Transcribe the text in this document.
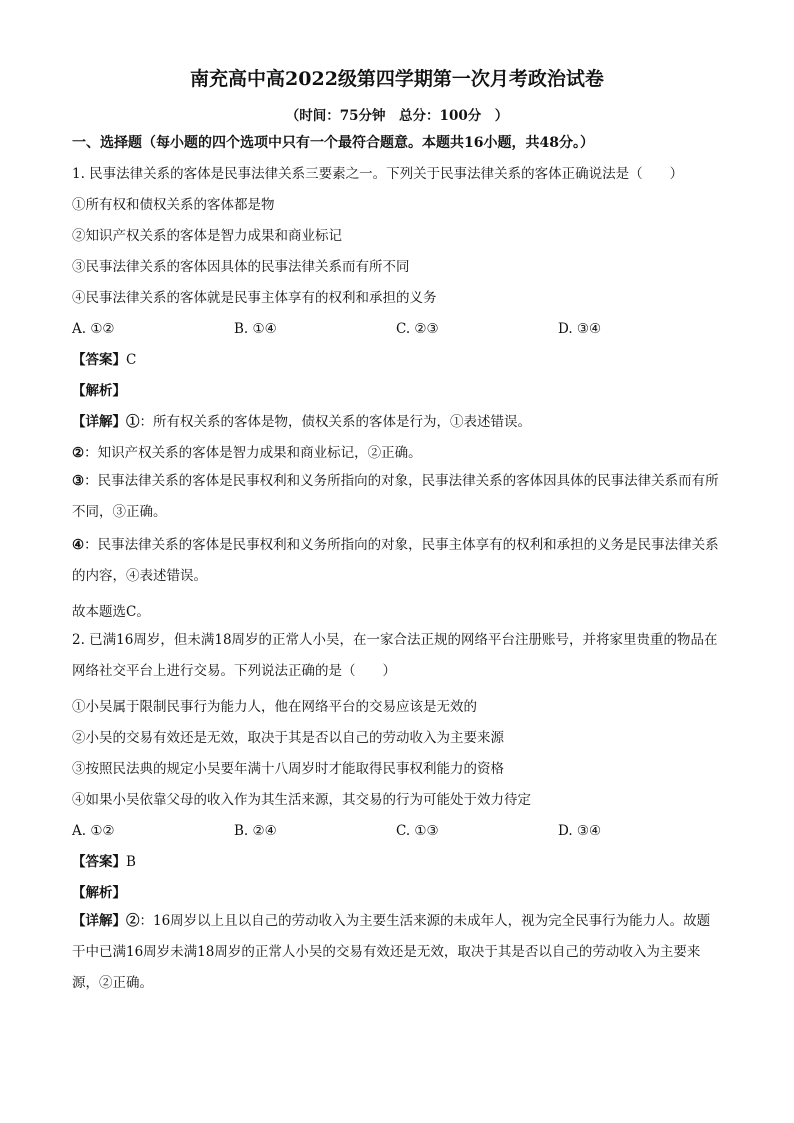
南充高中高2022级第四学期第一次月考政治试卷
（时间：75分钟　总分：100分　）
一、选择题（每小题的四个选项中只有一个最符合题意。本题共16小题，共48分。）
1. 民事法律关系的客体是民事法律关系三要素之一。下列关于民事法律关系的客体正确说法是（　　）
①所有权和债权关系的客体都是物
②知识产权关系的客体是智力成果和商业标记
③民事法律关系的客体因具体的民事法律关系而有所不同
④民事法律关系的客体就是民事主体享有的权利和承担的义务
A. ①②	B. ①④	C. ②③	D. ③④
【答案】C
【解析】
【详解】①：所有权关系的客体是物，债权关系的客体是行为，①表述错误。
②：知识产权关系的客体是智力成果和商业标记，②正确。
③：民事法律关系的客体是民事权利和义务所指向的对象，民事法律关系的客体因具体的民事法律关系而有所不同，③正确。
④：民事法律关系的客体是民事权利和义务所指向的对象，民事主体享有的权利和承担的义务是民事法律关系的内容，④表述错误。
故本题选C。
2. 已满16周岁，但未满18周岁的正常人小吴，在一家合法正规的网络平台注册账号，并将家里贵重的物品在网络社交平台上进行交易。下列说法正确的是（　　）
①小吴属于限制民事行为能力人，他在网络平台的交易应该是无效的
②小吴的交易有效还是无效，取决于其是否以自己的劳动收入为主要来源
③按照民法典的规定小吴要年满十八周岁时才能取得民事权利能力的资格
④如果小吴依靠父母的收入作为其生活来源，其交易的行为可能处于效力待定
A. ①②	B. ②④	C. ①③	D. ③④
【答案】B
【解析】
【详解】②：16周岁以上且以自己的劳动收入为主要生活来源的未成年人，视为完全民事行为能力人。故题干中已满16周岁未满18周岁的正常人小吴的交易有效还是无效，取决于其是否以自己的劳动收入为主要来源，②正确。
